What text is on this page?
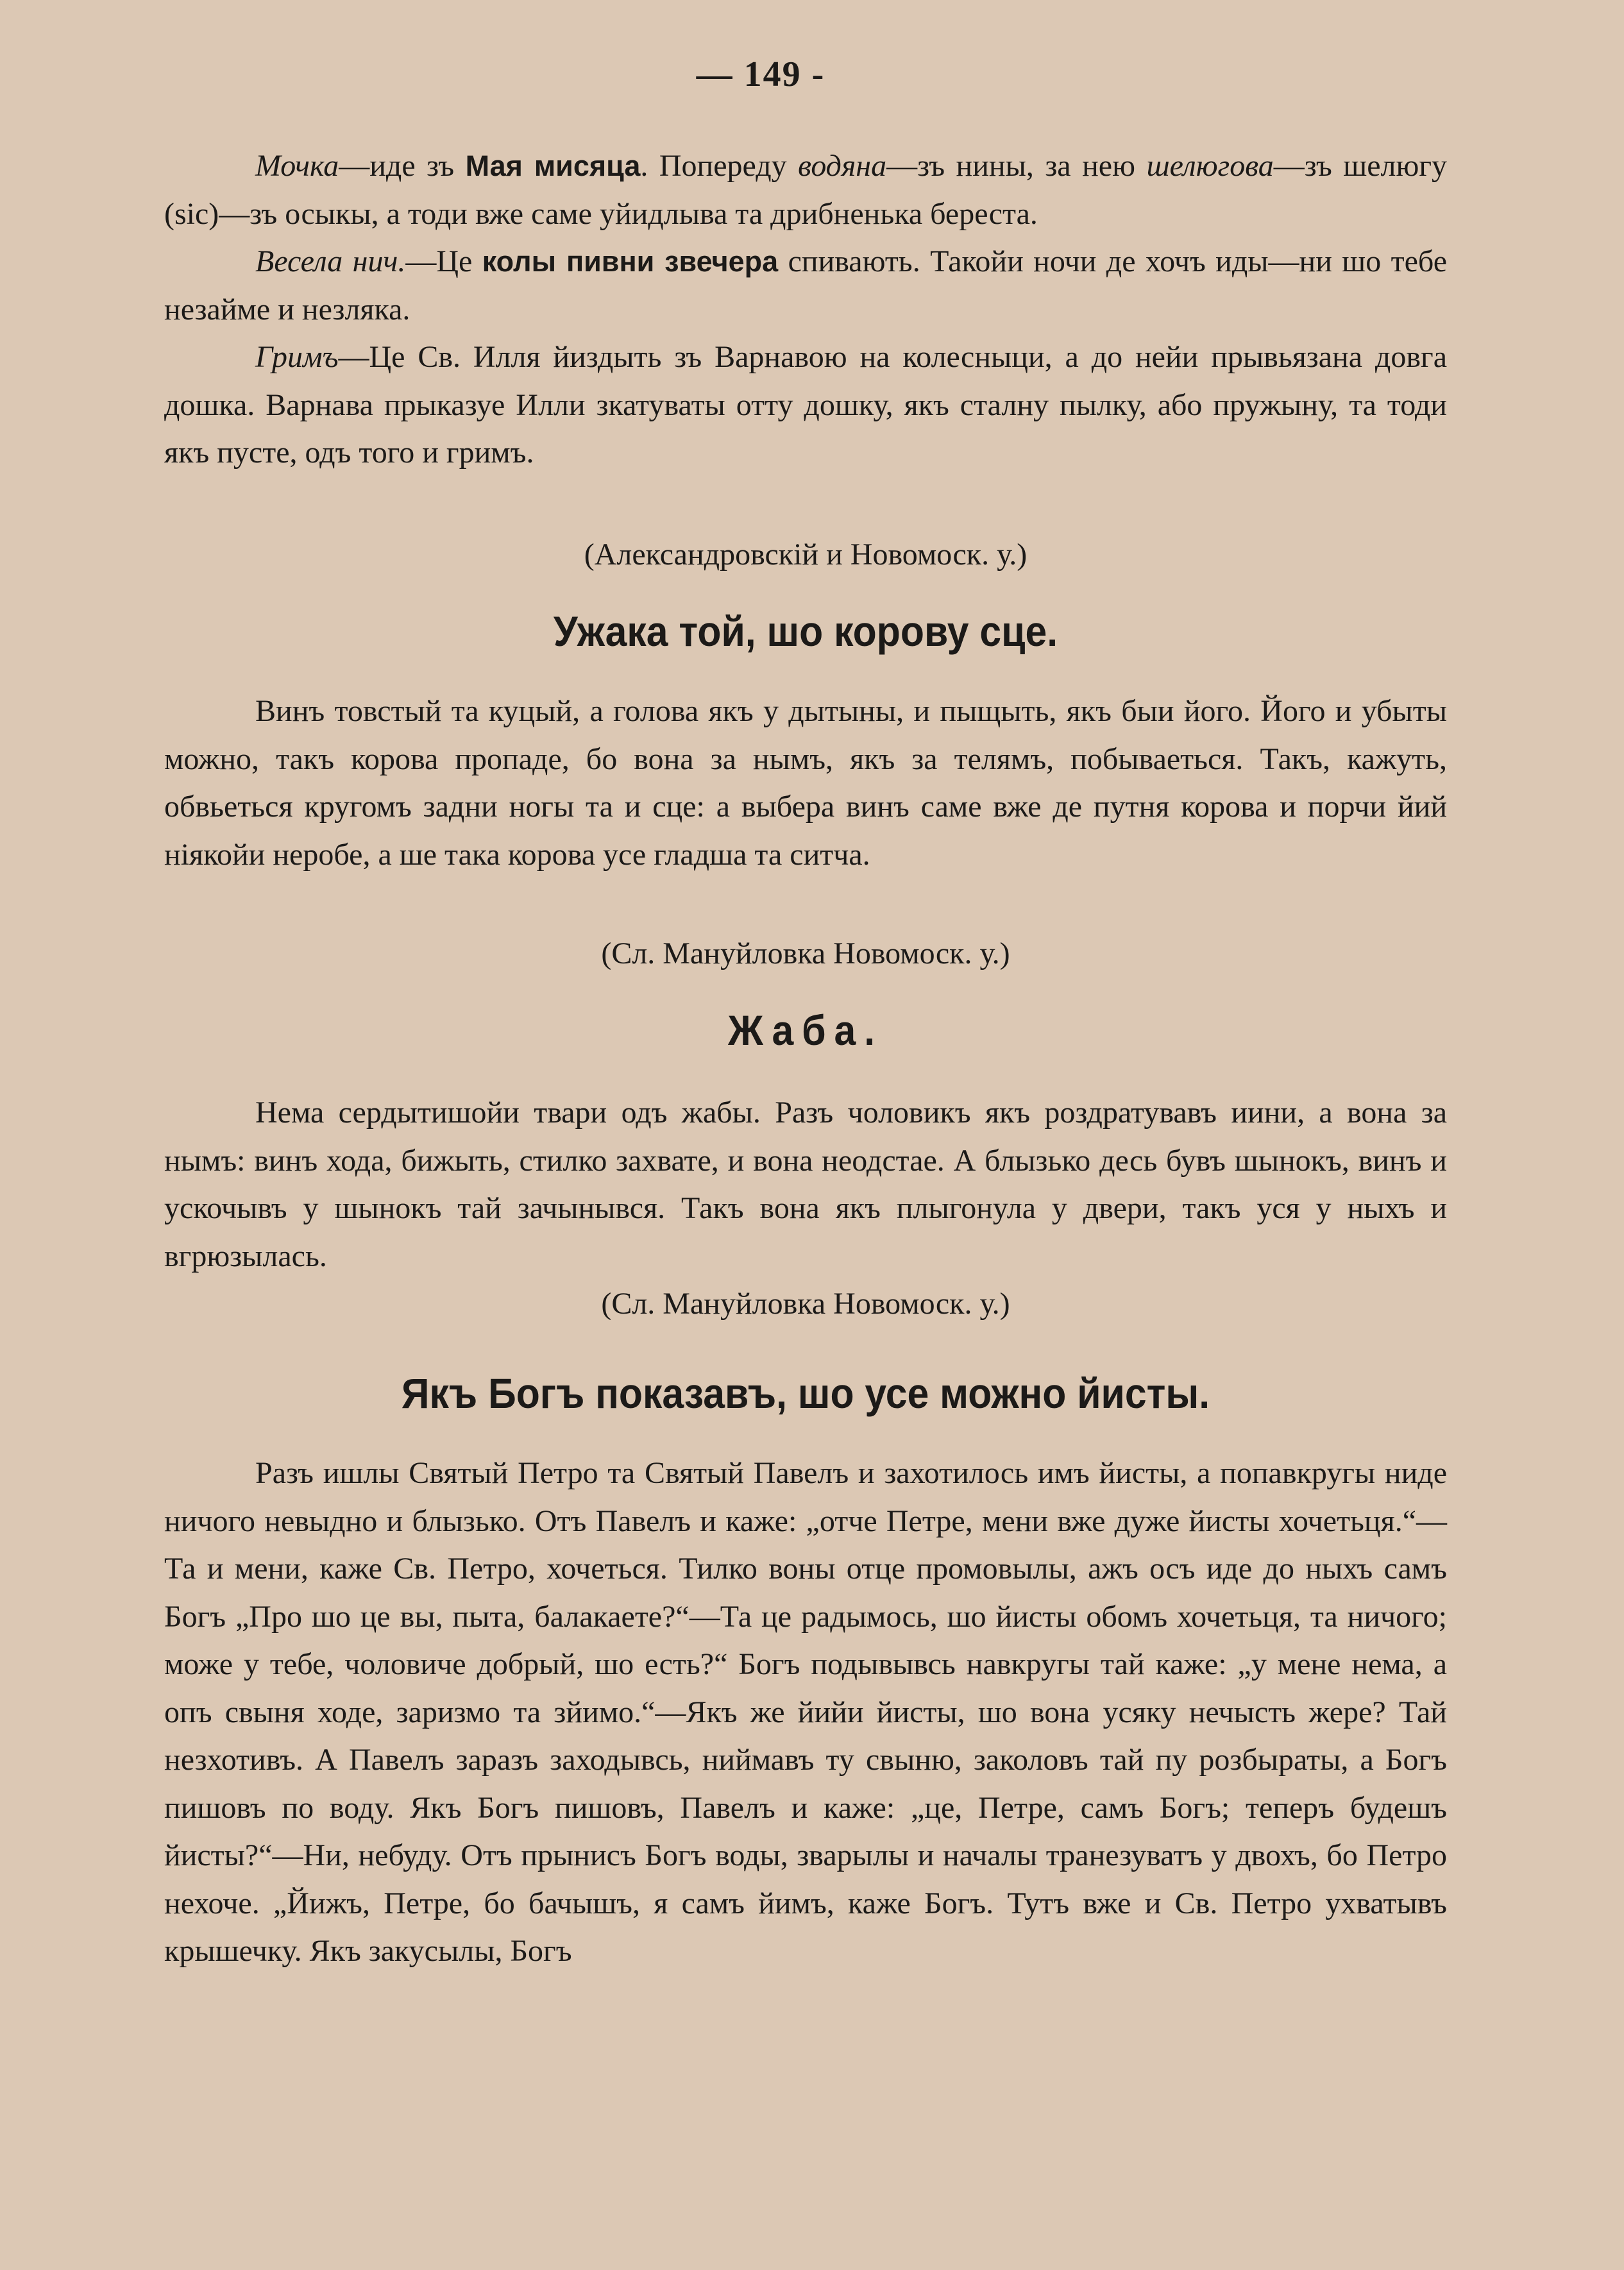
— 149 -

Мочка—иде зъ Мая мисяца. Попереду водяна—зъ нины, за нею шелюгова—зъ шелюгу (sic)—зъ осыкы, а тоди вже саме уйидлыва та дрибненька береста.

Весела нич.—Це колы пивни звечера спивають. Такойи ночи де хочъ иды—ни шо тебе незайме и незляка.

Гримъ—Це Св. Илля йиздыть зъ Варнавою на колесныци, а до нейи прывьязана довга дошка. Варнава прыказуе Илли зкатуваты отту дошку, якъ сталну пылку, або пружыну, та тоди якъ пусте, одъ того и гримъ.

(Александровскій и Новомоск. у.)
Ужака той, шо корову сце.

Винъ товстый та куцый, а голова якъ у дытыны, и пыщыть, якъ быи його. Його и убыты можно, такъ корова пропаде, бо вона за нымъ, якъ за телямъ, побываеться. Такъ, кажуть, обвьеться кругомъ задни ногы та и сце: а выбера винъ саме вже де путня корова и порчи йий ніякойи неробе, а ше така корова усе гладша та ситча.

(Сл. Мануйловка Новомоск. у.)
Жаба.

Нема сердытишойи твари одъ жабы. Разъ чоловикъ якъ роздратувавъ иини, а вона за нымъ: винъ хода, бижыть, стилко захвате, и вона неодстае. А блызько десь бувъ шынокъ, винъ и ускочывъ у шынокъ тай зачынывся. Такъ вона якъ плыгонула у двери, такъ уся у ныхъ и вгрюзылась.

(Сл. Мануйловка Новомоск. у.)
Якъ Богъ показавъ, шо усе можно йисты.

Разъ ишлы Святый Петро та Святый Павелъ и захотилось имъ йисты, а попавкругы ниде ничого невыдно и блызько. Отъ Павелъ и каже: „отче Петре, мени вже дуже йисты хочетьця.“—Та и мени, каже Св. Петро, хочеться. Тилко воны отце промовылы, ажъ осъ иде до ныхъ самъ Богъ „Про шо це вы, пыта, балакаете?“—Та це радымось, шо йисты обомъ хочетьця, та ничого; може у тебе, чоловиче добрый, шо есть?“ Богъ подывывсь навкругы тай каже: „у мене нема, а опъ свыня ходе, заризмо та зйимо.“—Якъ же йийи йисты, шо вона усяку нечысть жере? Тай незхотивъ. А Павелъ заразъ заходывсь, ниймавъ ту свыню, заколовъ тай пу розбыраты, а Богъ пишовъ по воду. Якъ Богъ пишовъ, Павелъ и каже: „це, Петре, самъ Богъ; теперъ будешъ йисты?“—Ни, небуду. Отъ прынисъ Богъ воды, зварылы и началы транезуватъ у двохъ, бо Петро нехоче. „Йижъ, Петре, бо бачышъ, я самъ йимъ, каже Богъ. Тутъ вже и Св. Петро ухватывъ крышечку. Якъ закусылы, Богъ
